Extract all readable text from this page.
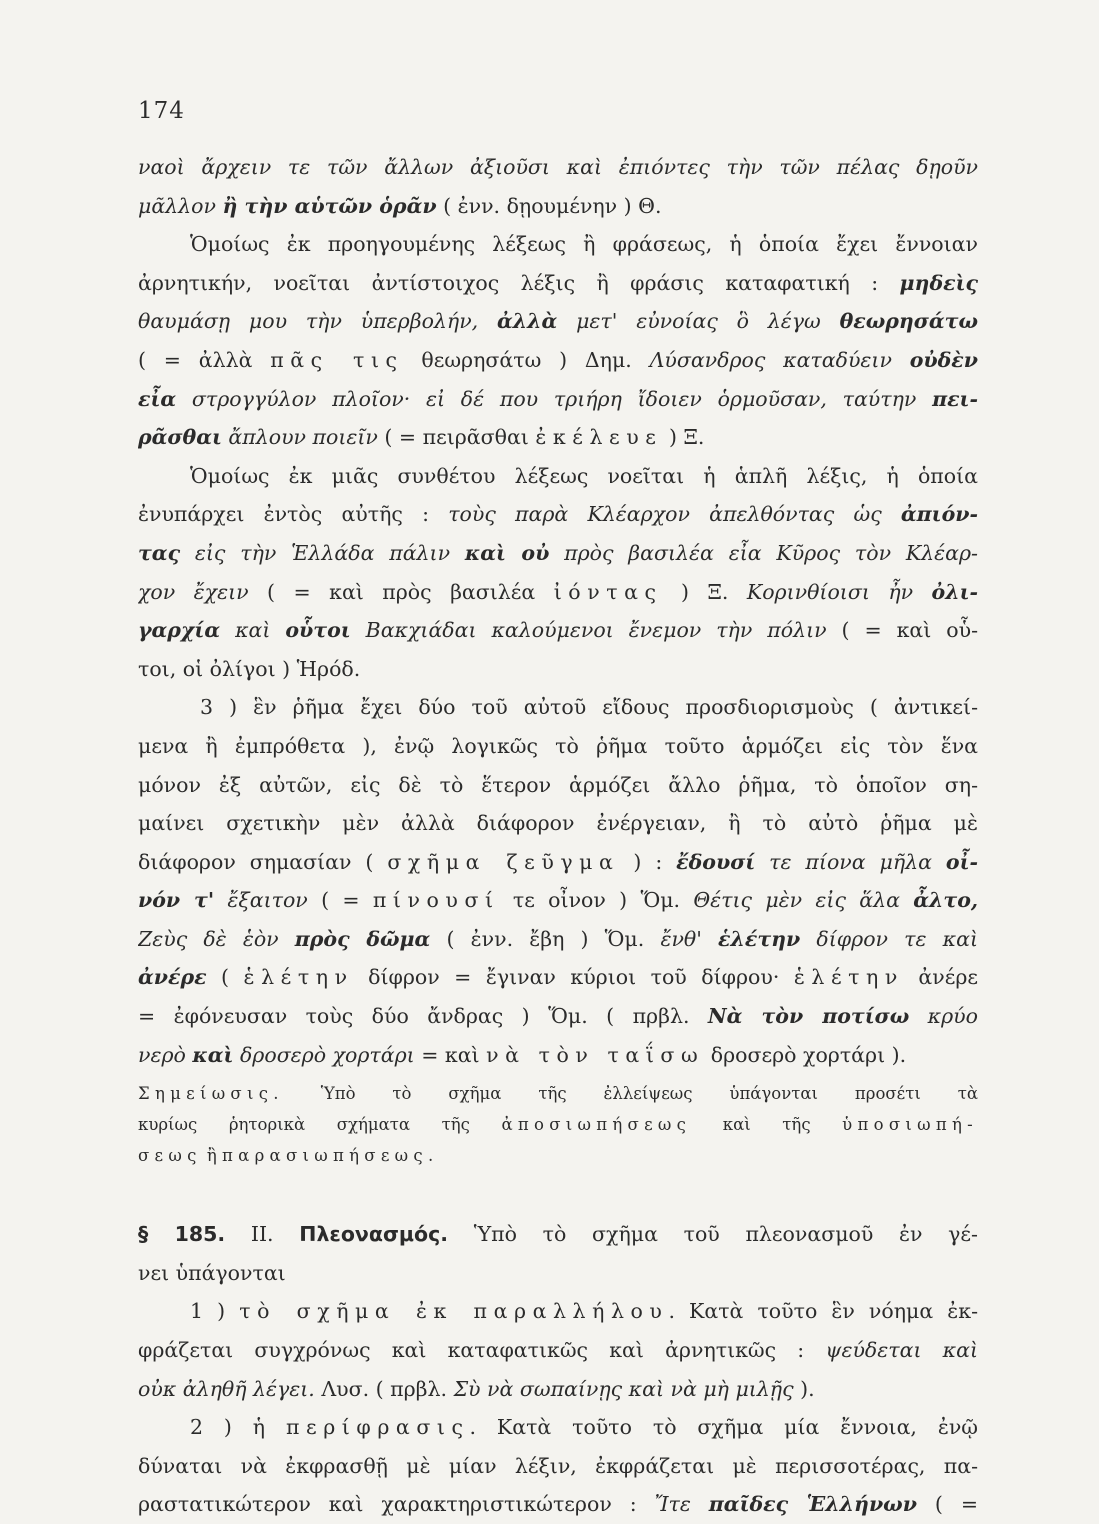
174
ναοὶ ἄρχειν τε τῶν ἄλλων ἀξιοῦσι καὶ ἐπιόντες τὴν τῶν πέλας δῃοῦν
μᾶλλον ἢ τὴν αὑτῶν ὁρᾶν ( ἐνν. δῃουμένην ) Θ.
Ὁμοίως ἐκ προηγουμένης λέξεως ἢ φράσεως, ἡ ὁποία ἔχει ἔννοιαν
ἀρνητικήν, νοεῖται ἀντίστοιχος λέξις ἢ φράσις καταφατική : μηδεὶς
θαυμάσῃ μου τὴν ὑπερβολήν, ἀλλὰ μετ' εὐνοίας ὃ λέγω θεωρησάτω
( = ἀλλὰ πᾶς τις θεωρησάτω ) Δημ. Λύσανδρος καταδύειν οὐδὲν
εἶα στρογγύλον πλοῖον· εἰ δέ που τριήρη ἴδοιεν ὁρμοῦσαν, ταύτην πει-
ρᾶσθαι ἄπλουν ποιεῖν ( = πειρᾶσθαι ἐκέλευε ) Ξ.
Ὁμοίως ἐκ μιᾶς συνθέτου λέξεως νοεῖται ἡ ἁπλῆ λέξις, ἡ ὁποία
ἐνυπάρχει ἐντὸς αὐτῆς : τοὺς παρὰ Κλέαρχον ἀπελθόντας ὡς ἀπιόν-
τας εἰς τὴν Ἑλλάδα πάλιν καὶ οὐ πρὸς βασιλέα εἶα Κῦρος τὸν Κλέαρ-
χον ἔχειν ( = καὶ πρὸς βασιλέα ἰόντας ) Ξ. Κορινθίοισι ἦν ὀλι-
γαρχία καὶ οὗτοι Βακχιάδαι καλούμενοι ἔνεμον τὴν πόλιν ( = καὶ οὗ-
τοι, οἱ ὀλίγοι ) Ἡρόδ.
3 ) ἓν ῥῆμα ἔχει δύο τοῦ αὐτοῦ εἴδους προσδιορισμοὺς ( ἀντικεί-
μενα ἢ ἐμπρόθετα ), ἐνῷ λογικῶς τὸ ῥῆμα τοῦτο ἁρμόζει εἰς τὸν ἕνα
μόνον ἐξ αὐτῶν, εἰς δὲ τὸ ἕτερον ἁρμόζει ἄλλο ῥῆμα, τὸ ὁποῖον ση-
μαίνει σχετικὴν μὲν ἀλλὰ διάφορον ἐνέργειαν, ἢ τὸ αὐτὸ ῥῆμα μὲ
διάφορον σημασίαν ( σχῆμα ζεῦγμα ) : ἔδουσί τε πίονα μῆλα οἶ-
νόν τ' ἔξαιτον ( = πίνουσί τε οἶνον ) Ὅμ. Θέτις μὲν εἰς ἅλα ἆλτο,
Ζεὺς δὲ ἑὸν πρὸς δῶμα ( ἐνν. ἔβη ) Ὅμ. ἔνθ' ἑλέτην δίφρον τε καὶ
ἀνέρε ( ἑλέτην δίφρον = ἔγιναν κύριοι τοῦ δίφρου· ἑλέτην ἀνέρε
= ἐφόνευσαν τοὺς δύο ἄνδρας ) Ὅμ. ( πρβλ. Νὰ τὸν ποτίσω κρύο
νερὸ καὶ δροσερὸ χορτάρι = καὶ νὰ τὸν ταΐσω δροσερὸ χορτάρι ).
Σημείωσις. Ὑπὸ τὸ σχῆμα τῆς ἐλλείψεως ὑπάγονται προσέτι τὰ
κυρίως ῥητορικὰ σχήματα τῆς ἀποσιωπήσεως καὶ τῆς ὑποσιωπή-
σεως ἢ παρασιωπήσεως.
§ 185. II. Πλεονασμός. Ὑπὸ τὸ σχῆμα τοῦ πλεονασμοῦ ἐν γέ-
νει ὑπάγονται
1 ) τὸ σχῆμα ἐκ παραλλήλου. Κατὰ τοῦτο ἓν νόημα ἐκ-
φράζεται συγχρόνως καὶ καταφατικῶς καὶ ἀρνητικῶς : ψεύδεται καὶ
οὐκ ἀληθῆ λέγει. Λυσ. ( πρβλ. Σὺ νὰ σωπαίνῃς καὶ νὰ μὴ μιλῇς ).
2 ) ἡ περίφρασις. Κατὰ τοῦτο τὸ σχῆμα μία ἔννοια, ἐνῷ
δύναται νὰ ἐκφρασθῇ μὲ μίαν λέξιν, ἐκφράζεται μὲ περισσοτέρας, πα-
ραστατικώτερον καὶ χαρακτηριστικώτερον : Ἴτε παῖδες Ἑλλήνων ( =
